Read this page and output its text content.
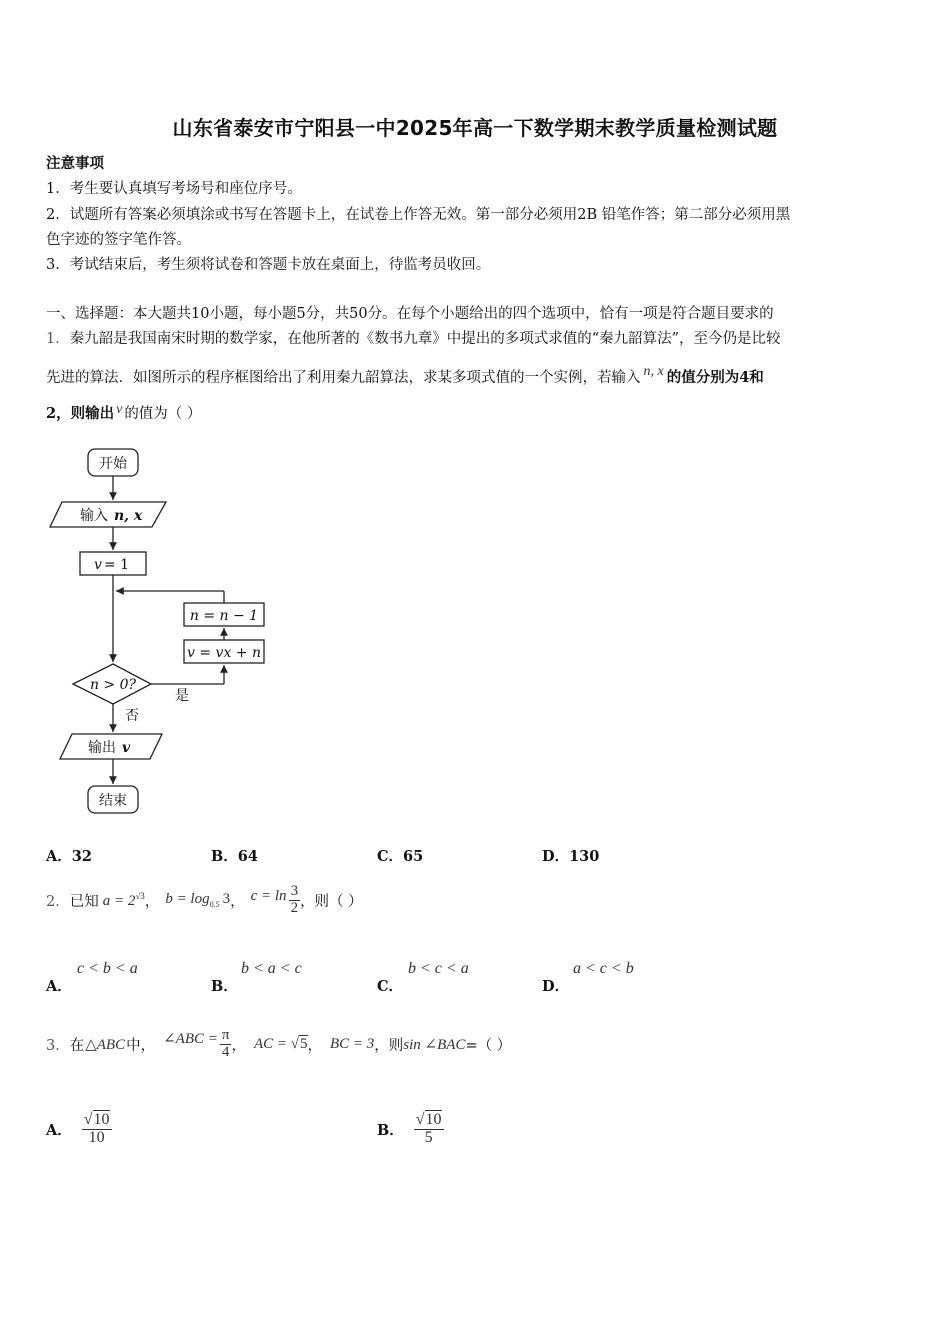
山东省泰安市宁阳县一中2025年高一下数学期末教学质量检测试题
注意事项
1．考生要认真填写考场号和座位序号。
2．试题所有答案必须填涂或书写在答题卡上，在试卷上作答无效。第一部分必须用2B 铅笔作答；第二部分必须用黑
色字迹的签字笔作答。
3．考试结束后，考生须将试卷和答题卡放在桌面上，待监考员收回。
一、选择题：本大题共10小题，每小题5分，共50分。在每个小题给出的四个选项中，恰有一项是符合题目要求的
1．秦九韶是我国南宋时期的数学家，在他所著的《数书九章》中提出的多项式求值的“秦九韶算法”，至今仍是比较
先进的算法．如图所示的程序框图给出了利用秦九韶算法，求某多项式值的一个实例，若输入 n, x 的值分别为4和
2，则输出 v 的值为（ ）
开始
输入 n, x
v = 1
n = n − 1
v = vx + n
n > 0?
是
否
输出 v
结束
A．32	B．64	C．65	D．130
2． 已知 $a = 2^{√3}$ ， $b = \log_{0.5} 3$ ， $c = \ln \frac{3}{2}$ ，则（ ）
A．
c < b < a
B．
b < a < c
C．
b < c < a
D．
a < c < b
3． 在 △ABC 中， ∠ABC = $\frac{\pi}{4}$ ， AC = √5 ， BC = 3 ，则 sin ∠BAC =（ ）
A． $\frac{√10}{10}$	B． $\frac{√10}{5}$
